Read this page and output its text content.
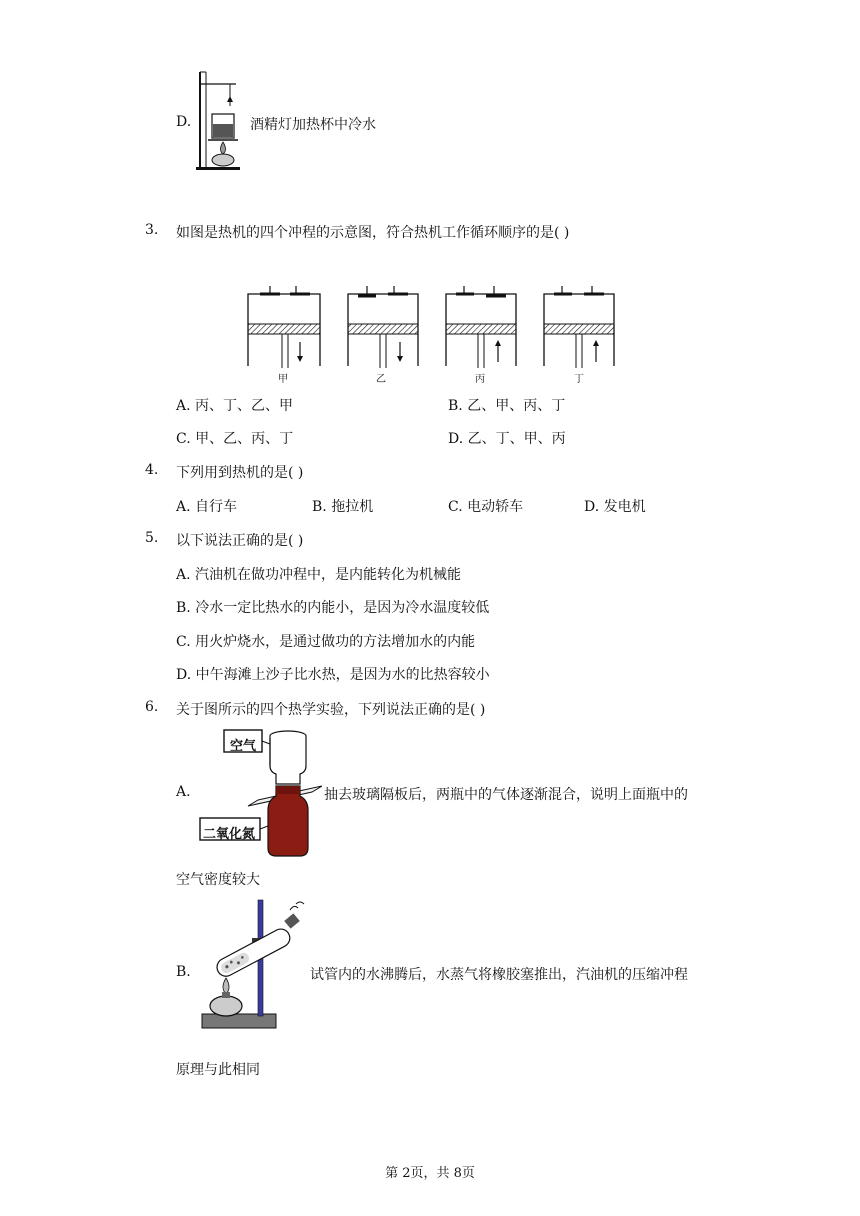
D.	酒精灯加热杯中冷水
3. 如图是热机的四个冲程的示意图，符合热机工作循环顺序的是( )
甲	乙	丙	丁
A. 丙、丁、乙、甲	B. 乙、甲、丙、丁
C. 甲、乙、丙、丁	D. 乙、丁、甲、丙
4. 下列用到热机的是( )
A. 自行车	B. 拖拉机	C. 电动轿车	D. 发电机
5. 以下说法正确的是( )
A. 汽油机在做功冲程中，是内能转化为机械能
B. 冷水一定比热水的内能小，是因为冷水温度较低
C. 用火炉烧水，是通过做功的方法增加水的内能
D. 中午海滩上沙子比水热，是因为水的比热容较小
6. 关于图所示的四个热学实验，下列说法正确的是( )
A.
空气
二氧化氮
抽去玻璃隔板后，两瓶中的气体逐渐混合，说明上面瓶中的
空气密度较大
B.	试管内的水沸腾后，水蒸气将橡胶塞推出，汽油机的压缩冲程
原理与此相同
第 2页，共 8页
